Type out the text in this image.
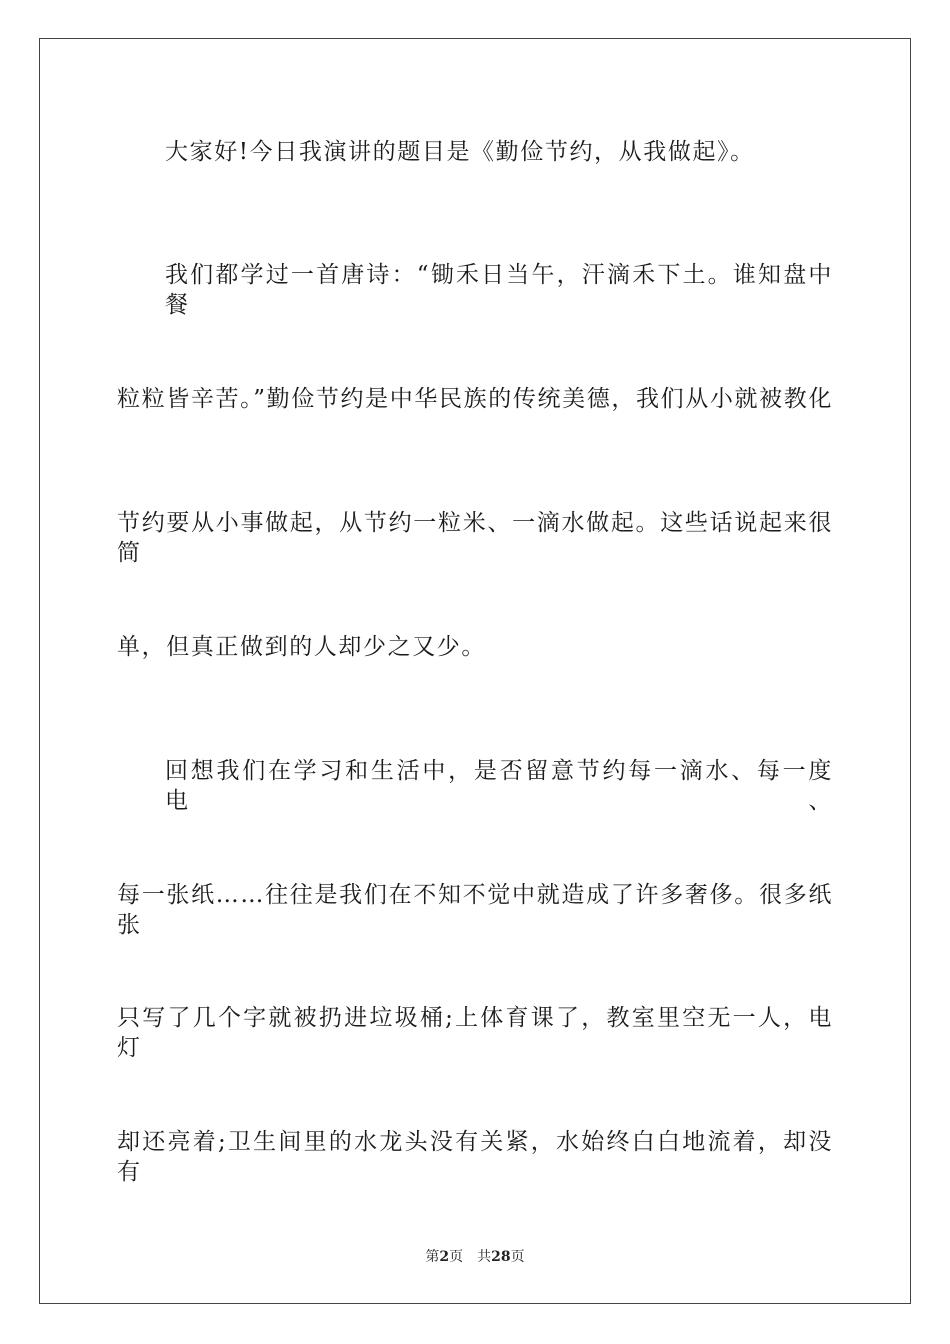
大家好!今日我演讲的题目是《勤俭节约，从我做起》。
我们都学过一首唐诗：“锄禾日当午，汗滴禾下土。谁知盘中餐
粒粒皆辛苦。”勤俭节约是中华民族的传统美德，我们从小就被教化
节约要从小事做起，从节约一粒米、一滴水做起。这些话说起来很简
单，但真正做到的人却少之又少。
回想我们在学习和生活中，是否留意节约每一滴水、每一度电、
每一张纸……往往是我们在不知不觉中就造成了许多奢侈。很多纸张
只写了几个字就被扔进垃圾桶;上体育课了，教室里空无一人，电灯
却还亮着;卫生间里的水龙头没有关紧，水始终白白地流着，却没有
第2页 共28页
